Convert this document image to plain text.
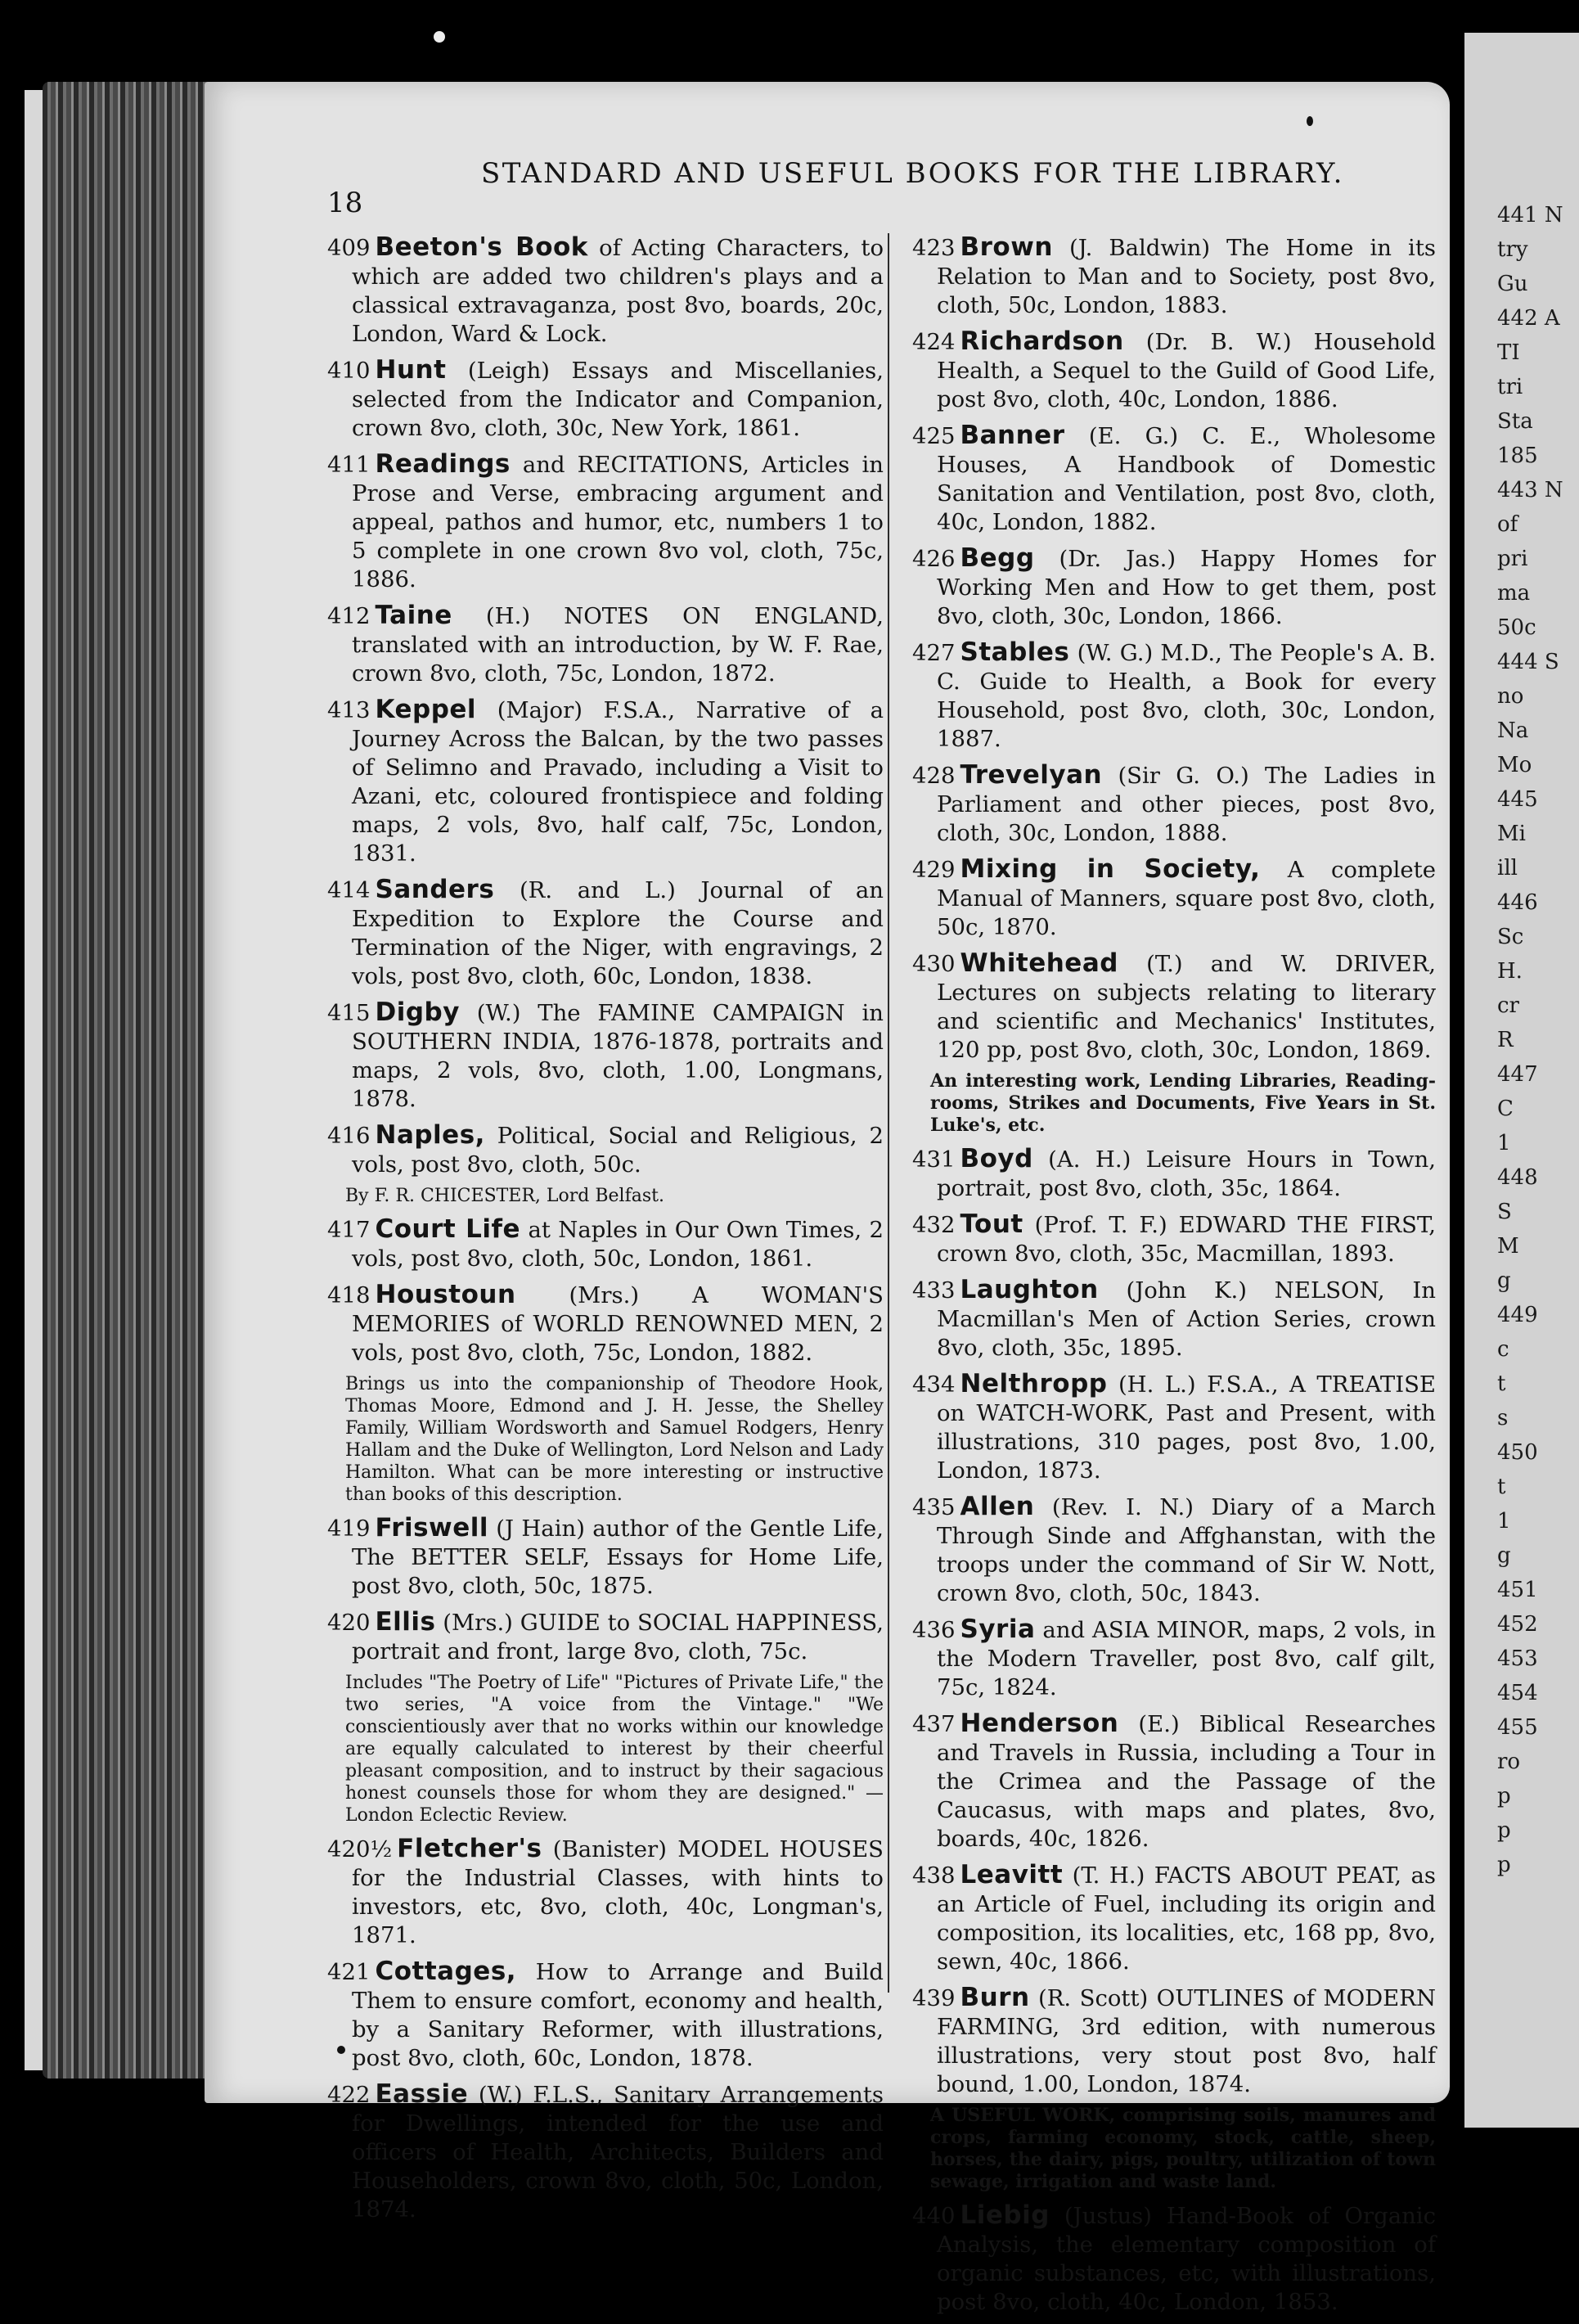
441 N
try
Gu
442 A
TI
tri
Sta
185
443 N
of
pri
ma
50c
444 S
no
Na
Mo
445
Mi
ill
446
Sc
H.
cr
R
447
C
1
448
S
M
g
449
c
t
s
450
t
1
g
451
452
453
454
455
ro
p
p
p
18
STANDARD AND USEFUL BOOKS FOR THE LIBRARY.
409 Beeton's Book of Acting Characters, to which are added two children's plays and a classical extravaganza, post 8vo, boards, 20c, London, Ward & Lock.
410 Hunt (Leigh) Essays and Miscellanies, selected from the Indicator and Companion, crown 8vo, cloth, 30c, New York, 1861.
411 Readings and RECITATIONS, Articles in Prose and Verse, embracing argument and appeal, pathos and humor, etc, numbers 1 to 5 complete in one crown 8vo vol, cloth, 75c, 1886.
412 Taine (H.) NOTES ON ENGLAND, translated with an introduction, by W. F. Rae, crown 8vo, cloth, 75c, London, 1872.
413 Keppel (Major) F.S.A., Narrative of a Journey Across the Balcan, by the two passes of Selimno and Pravado, including a Visit to Azani, etc, coloured frontispiece and folding maps, 2 vols, 8vo, half calf, 75c, London, 1831.
414 Sanders (R. and L.) Journal of an Expedition to Explore the Course and Termination of the Niger, with engravings, 2 vols, post 8vo, cloth, 60c, London, 1838.
415 Digby (W.) The FAMINE CAMPAIGN in SOUTHERN INDIA, 1876-1878, portraits and maps, 2 vols, 8vo, cloth, 1.00, Longmans, 1878.
416 Naples, Political, Social and Religious, 2 vols, post 8vo, cloth, 50c.
By F. R. CHICESTER, Lord Belfast.
417 Court Life at Naples in Our Own Times, 2 vols, post 8vo, cloth, 50c, London, 1861.
418 Houstoun (Mrs.) A WOMAN'S MEMORIES of WORLD RENOWNED MEN, 2 vols, post 8vo, cloth, 75c, London, 1882.
Brings us into the companionship of Theodore Hook, Thomas Moore, Edmond and J. H. Jesse, the Shelley Family, William Wordsworth and Samuel Rodgers, Henry Hallam and the Duke of Wellington, Lord Nelson and Lady Hamilton. What can be more interesting or instructive than books of this description.
419 Friswell (J Hain) author of the Gentle Life, The BETTER SELF, Essays for Home Life, post 8vo, cloth, 50c, 1875.
420 Ellis (Mrs.) GUIDE to SOCIAL HAPPINESS, portrait and front, large 8vo, cloth, 75c.
Includes "The Poetry of Life" "Pictures of Private Life," the two series, "A voice from the Vintage." "We conscientiously aver that no works within our knowledge are equally calculated to interest by their cheerful pleasant composition, and to instruct by their sagacious honest counsels those for whom they are designed." —London Eclectic Review.
420½ Fletcher's (Banister) MODEL HOUSES for the Industrial Classes, with hints to investors, etc, 8vo, cloth, 40c, Longman's, 1871.
421 Cottages, How to Arrange and Build Them to ensure comfort, economy and health, by a Sanitary Reformer, with illustrations, post 8vo, cloth, 60c, London, 1878.
422 Eassie (W.) F.L.S., Sanitary Arrangements for Dwellings, intended for the use and officers of Health, Architects, Builders and Householders, crown 8vo, cloth, 50c, London, 1874.
423 Brown (J. Baldwin) The Home in its Relation to Man and to Society, post 8vo, cloth, 50c, London, 1883.
424 Richardson (Dr. B. W.) Household Health, a Sequel to the Guild of Good Life, post 8vo, cloth, 40c, London, 1886.
425 Banner (E. G.) C. E., Wholesome Houses, A Handbook of Domestic Sanitation and Ventilation, post 8vo, cloth, 40c, London, 1882.
426 Begg (Dr. Jas.) Happy Homes for Working Men and How to get them, post 8vo, cloth, 30c, London, 1866.
427 Stables (W. G.) M.D., The People's A. B. C. Guide to Health, a Book for every Household, post 8vo, cloth, 30c, London, 1887.
428 Trevelyan (Sir G. O.) The Ladies in Parliament and other pieces, post 8vo, cloth, 30c, London, 1888.
429 Mixing in Society, A complete Manual of Manners, square post 8vo, cloth, 50c, 1870.
430 Whitehead (T.) and W. DRIVER, Lectures on subjects relating to literary and scientific and Mechanics' Institutes, 120 pp, post 8vo, cloth, 30c, London, 1869.
An interesting work, Lending Libraries, Reading-rooms, Strikes and Documents, Five Years in St. Luke's, etc.
431 Boyd (A. H.) Leisure Hours in Town, portrait, post 8vo, cloth, 35c, 1864.
432 Tout (Prof. T. F.) EDWARD THE FIRST, crown 8vo, cloth, 35c, Macmillan, 1893.
433 Laughton (John K.) NELSON, In Macmillan's Men of Action Series, crown 8vo, cloth, 35c, 1895.
434 Nelthropp (H. L.) F.S.A., A TREATISE on WATCH-WORK, Past and Present, with illustrations, 310 pages, post 8vo, 1.00, London, 1873.
435 Allen (Rev. I. N.) Diary of a March Through Sinde and Affghanstan, with the troops under the command of Sir W. Nott, crown 8vo, cloth, 50c, 1843.
436 Syria and ASIA MINOR, maps, 2 vols, in the Modern Traveller, post 8vo, calf gilt, 75c, 1824.
437 Henderson (E.) Biblical Researches and Travels in Russia, including a Tour in the Crimea and the Passage of the Caucasus, with maps and plates, 8vo, boards, 40c, 1826.
438 Leavitt (T. H.) FACTS ABOUT PEAT, as an Article of Fuel, including its origin and composition, its localities, etc, 168 pp, 8vo, sewn, 40c, 1866.
439 Burn (R. Scott) OUTLINES of MODERN FARMING, 3rd edition, with numerous illustrations, very stout post 8vo, half bound, 1.00, London, 1874.
A USEFUL WORK, comprising soils, manures and crops, farming economy, stock, cattle, sheep, horses, the dairy, pigs, poultry, utilization of town sewage, irrigation and waste land.
440 Liebig (Justus) Hand-Book of Organic Analysis, the elementary composition of organic substances, etc, with illustrations, post 8vo, cloth, 40c, London, 1853.
